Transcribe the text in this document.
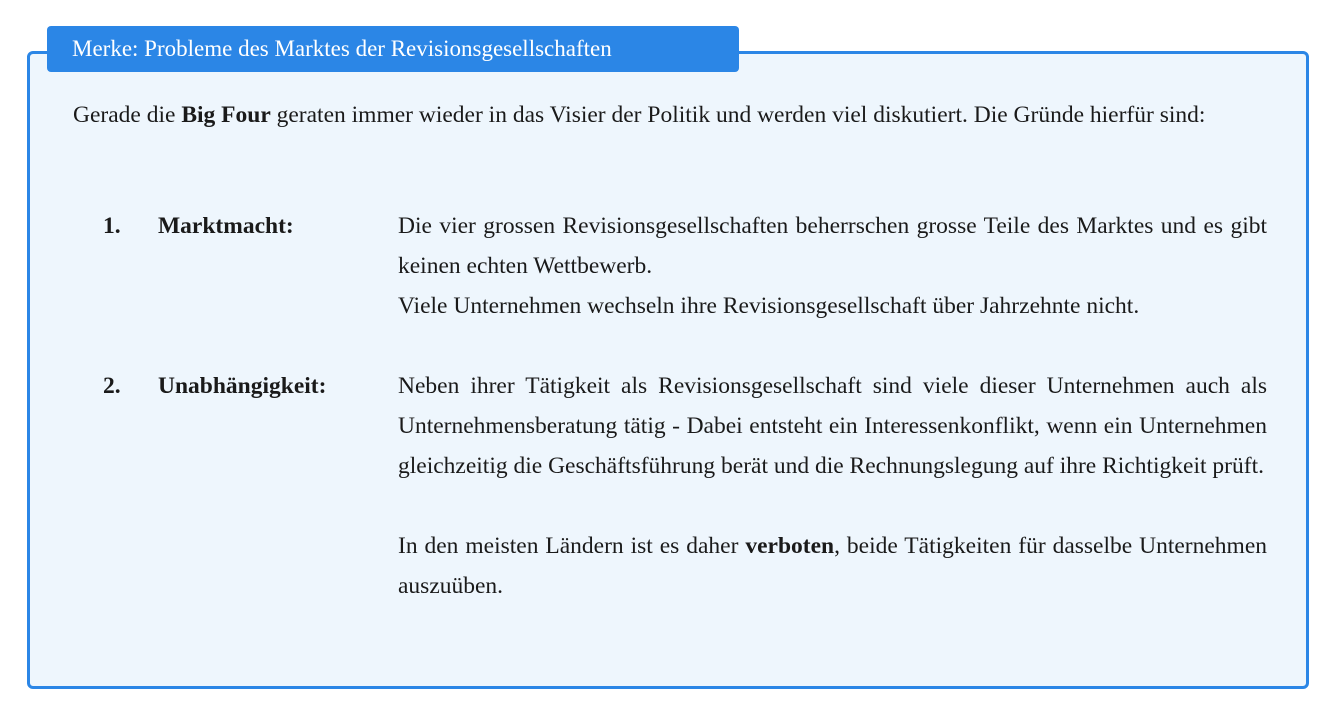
Merke: Probleme des Marktes der Revisionsgesellschaften
Gerade die Big Four geraten immer wieder in das Visier der Politik und werden viel diskutiert. Die Gründe hierfür sind:
1. Marktmacht:	Die vier grossen Revisionsgesellschaften beherrschen grosse Teile des Marktes und es gibt keinen echten Wettbewerb.

Viele Unternehmen wechseln ihre Revisionsgesellschaft über Jahrzehnte nicht.

2. Unabhängigkeit:	Neben ihrer Tätigkeit als Revisionsgesellschaft sind viele dieser Unternehmen auch als Unternehmensberatung tätig - Dabei entsteht ein Interessenkonflikt, wenn ein Unternehmen gleichzeitig die Geschäftsführung berät und die Rechnungslegung auf ihre Richtigkeit prüft.

In den meisten Ländern ist es daher verboten, beide Tätigkeiten für dasselbe Unternehmen auszuüben.
